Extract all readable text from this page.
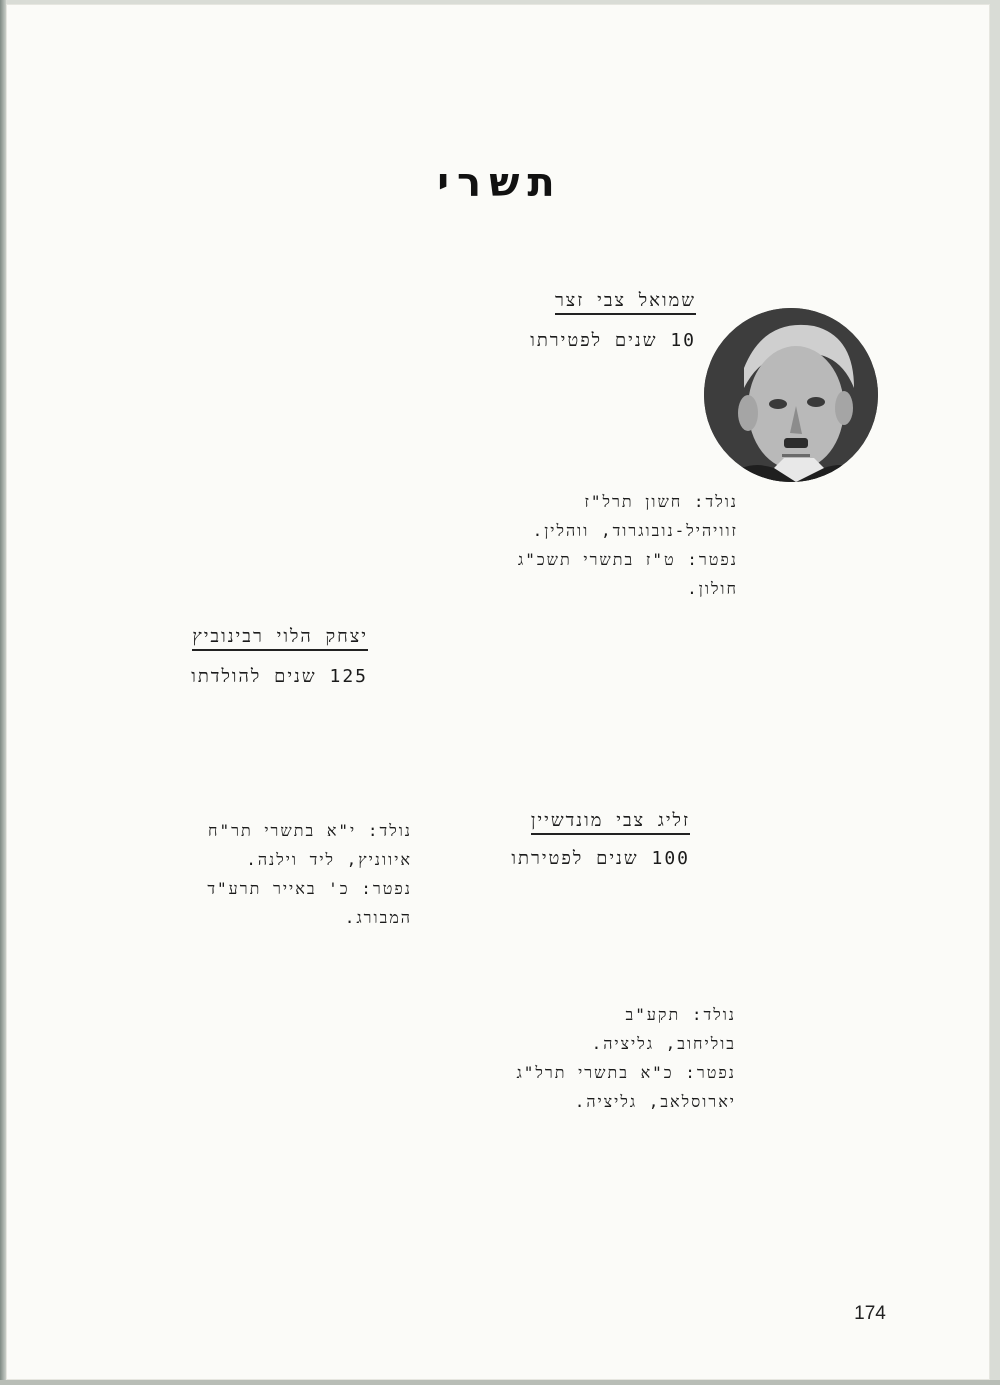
תשרי
שמואל צבי זצר
10 שנים לפטירתו
נולד: חשון תרל"ז
זוויהיל-נובוגרוד, ווהלין.
נפטר: ט"ז בתשרי תשכ"ג
חולון.
יצחק הלוי רבינוביץ
125 שנים להולדתו
נולד: י"א בתשרי תר"ח
איווניץ, ליד וילנה.
נפטר: כ' באייר תרע"ד
המבורג.
זליג צבי מונדשיין
100 שנים לפטירתו
נולד: תקע"ב
בוליחוב, גליציה.
נפטר: כ"א בתשרי תרל"ג
יארוסלאב, גליציה.
174
